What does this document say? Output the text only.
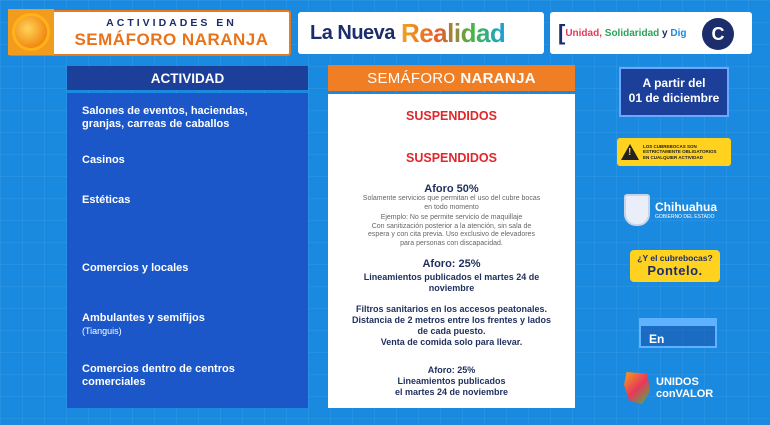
ACTIVIDADES EN
SEMÁFORO NARANJA	La Nueva Realidad [ Unidad, Solidaridad y Dig C
ACTIVIDAD
Salones de eventos, haciendas, granjas, carreas de caballos
Casinos
Estéticas
Comercios y locales
Ambulantes y semifijos
(Tianguis)
Comercios dentro de centros comerciales
SEMÁFORO NARANJA
SUSPENDIDOS
SUSPENDIDOS
Aforo 50%
Solamente servicios que permitan el uso del cubre bocas
en todo momento
Ejemplo: No se permite servicio de maquillaje
Con sanitización posterior a la atención, sin sala de
espera y con cita previa. Uso exclusivo de elevadores
para personas con discapacidad.
Aforo: 25%
Lineamientos publicados el martes 24 de
noviembre
Filtros sanitarios en los accesos peatonales.
Distancia de 2 metros entre los frentes y lados
de cada puesto.
Venta de comida solo para llevar.
Aforo: 25%
Lineamientos publicados
el martes 24 de noviembre
A partir del
01 de diciembre
!
LOS CUBREBOCAS SON
ESTRICTAMENTE OBLIGATORIOS
EN CUALQUIER ACTIVIDAD
Chihuahua
GOBIERNO DEL ESTADO
¿Y el cubrebocas?
Pontelo.
En
UNIDOS
conVALOR
